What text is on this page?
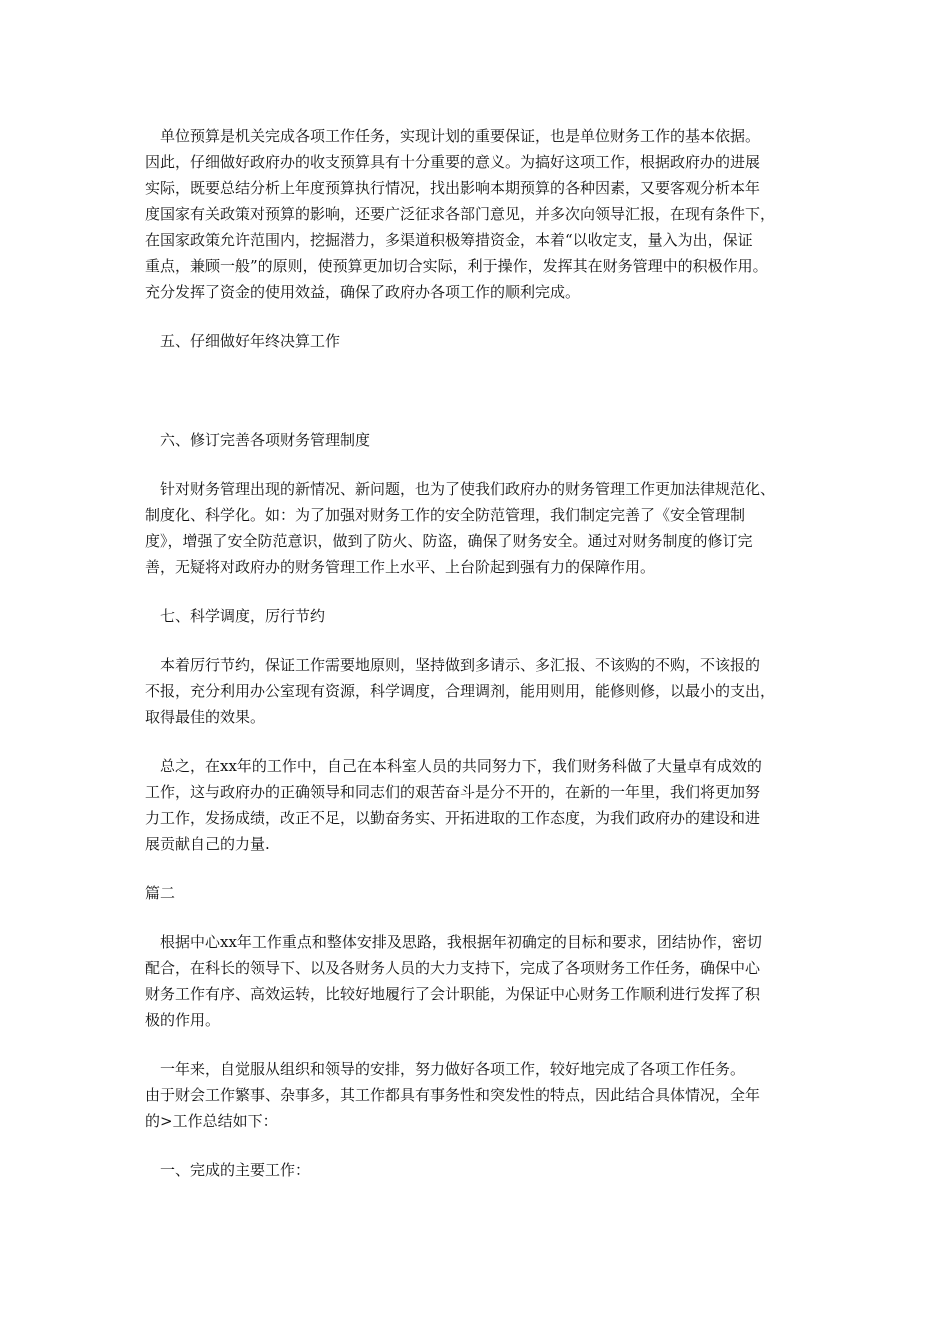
单位预算是机关完成各项工作任务，实现计划的重要保证，也是单位财务工作的基本依据。
因此，仔细做好政府办的收支预算具有十分重要的意义。为搞好这项工作，根据政府办的进展
实际，既要总结分析上年度预算执行情况，找出影响本期预算的各种因素，又要客观分析本年
度国家有关政策对预算的影响，还要广泛征求各部门意见，并多次向领导汇报，在现有条件下，
在国家政策允许范围内，挖掘潜力，多渠道积极筹措资金，本着“以收定支，量入为出，保证
重点，兼顾一般”的原则，使预算更加切合实际，利于操作，发挥其在财务管理中的积极作用。
充分发挥了资金的使用效益，确保了政府办各项工作的顺利完成。
五、仔细做好年终决算工作
六、修订完善各项财务管理制度
针对财务管理出现的新情况、新问题，也为了使我们政府办的财务管理工作更加法律规范化、
制度化、科学化。如：为了加强对财务工作的安全防范管理，我们制定完善了《安全管理制
度》，增强了安全防范意识，做到了防火、防盗，确保了财务安全。通过对财务制度的修订完
善，无疑将对政府办的财务管理工作上水平、上台阶起到强有力的保障作用。
七、科学调度，厉行节约
本着厉行节约，保证工作需要地原则，坚持做到多请示、多汇报、不该购的不购，不该报的
不报，充分利用办公室现有资源，科学调度，合理调剂，能用则用，能修则修，以最小的支出，
取得最佳的效果。
总之，在xx年的工作中，自己在本科室人员的共同努力下，我们财务科做了大量卓有成效的
工作，这与政府办的正确领导和同志们的艰苦奋斗是分不开的，在新的一年里，我们将更加努
力工作，发扬成绩，改正不足，以勤奋务实、开拓进取的工作态度，为我们政府办的建设和进
展贡献自己的力量.
篇二
根据中心xx年工作重点和整体安排及思路，我根据年初确定的目标和要求，团结协作，密切
配合，在科长的领导下、以及各财务人员的大力支持下，完成了各项财务工作任务，确保中心
财务工作有序、高效运转，比较好地履行了会计职能，为保证中心财务工作顺利进行发挥了积
极的作用。
一年来，自觉服从组织和领导的安排，努力做好各项工作，较好地完成了各项工作任务。
由于财会工作繁事、杂事多，其工作都具有事务性和突发性的特点，因此结合具体情况，全年
的>工作总结如下：
一、完成的主要工作：
